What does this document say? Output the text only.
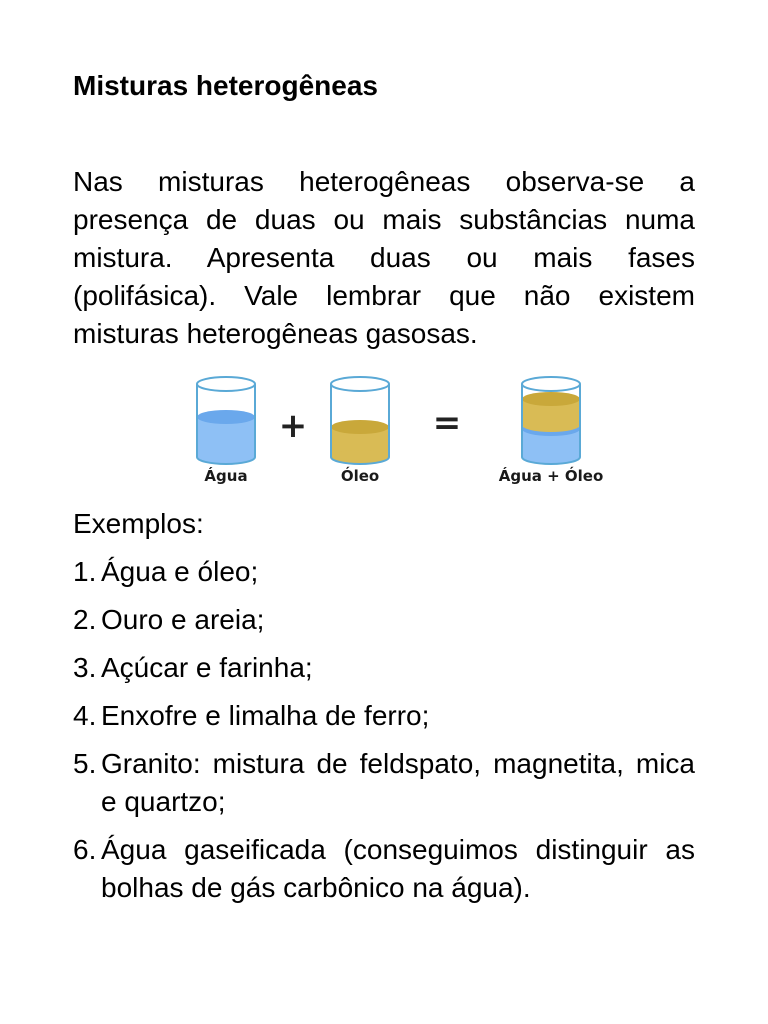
Misturas heterogêneas
Nas misturas heterogêneas observa-se a presença de duas ou mais substâncias numa mistura. Apresenta duas ou mais fases (polifásica). Vale lembrar que não existem misturas heterogêneas gasosas.
Água
+
Óleo
=
Água + Óleo
Exemplos:
1. Água e óleo;
2. Ouro e areia;
3. Açúcar e farinha;
4. Enxofre e limalha de ferro;
5. Granito: mistura de feldspato, magnetita, mica e quartzo;
6. Água gaseificada (conseguimos distinguir as bolhas de gás carbônico na água).
